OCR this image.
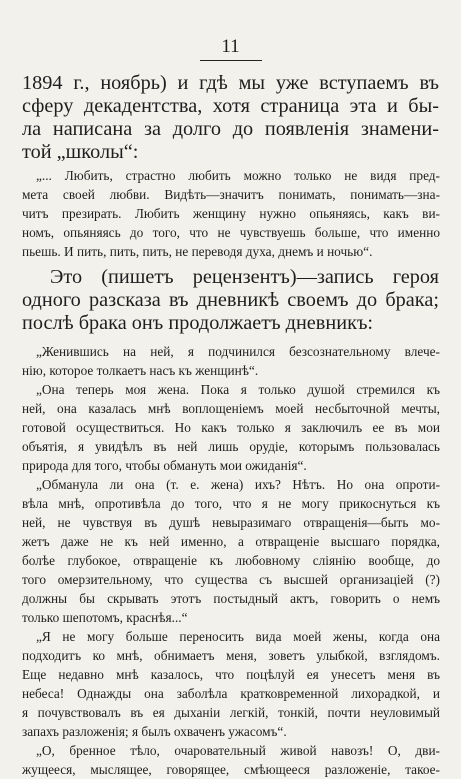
11
1894 г., ноябрь) и гдѣ мы уже вступаемъ въ
сферу декадентства, хотя страница эта и бы-
ла написана за долго до появленія знамени-
той „школы“:
„... Любить, страстно любить можно только не видя пред-
мета своей любви. Видѣть—значитъ понимать, понимать—зна-
читъ презирать. Любить женщину нужно опьяняясь, какъ ви-
номъ, опьяняясь до того, что не чувствуешь больше, что именно
пьешь. И пить, пить, пить, не переводя духа, днемъ и ночью“.
Это (пишетъ рецензентъ)—запись героя
одного разсказа въ дневникѣ своемъ до брака;
послѣ брака онъ продолжаетъ дневникъ:
„Женившись на ней, я подчинился безсознательному влече-
нію, которое толкаетъ насъ къ женщинѣ“.
„Она теперь моя жена. Пока я только душой стремился къ
ней, она казалась мнѣ воплощеніемъ моей несбыточной мечты,
готовой осуществиться. Но какъ только я заключилъ ее въ мои
объятія, я увидѣлъ въ ней лишь орудіе, которымъ пользовалась
природа для того, чтобы обмануть мои ожиданія“.
„Обманула ли она (т. е. жена) ихъ? Нѣтъ. Но она опроти-
вѣла мнѣ, опротивѣла до того, что я не могу прикоснуться къ
ней, не чувствуя въ душѣ невыразимаго отвращенія—быть мо-
жетъ даже не къ ней именно, а отвращеніе высшаго порядка,
болѣе глубокое, отвращеніе къ любовному слiянію вообще, до
того омерзительному, что существа съ высшей организаціей (?)
должны бы скрывать этотъ постыдный актъ, говорить о немъ
только шепотомъ, краснѣя...“
„Я не могу больше переносить вида моей жены, когда она
подходитъ ко мнѣ, обнимаетъ меня, зоветъ улыбкой, взглядомъ.
Еще недавно мнѣ казалось, что поцѣлуй ея унесетъ меня въ
небеса! Однажды она заболѣла кратковременной лихорадкой, и
я почувствовалъ въ ея дыханіи легкій, тонкій, почти неуловимый
запахъ разложенія; я былъ охваченъ ужасомъ“.
„О, бренное тѣло, очаровательный живой навозъ! О, дви-
жущееся, мыслящее, говорящее, смѣющееся разложеніе, такое-
